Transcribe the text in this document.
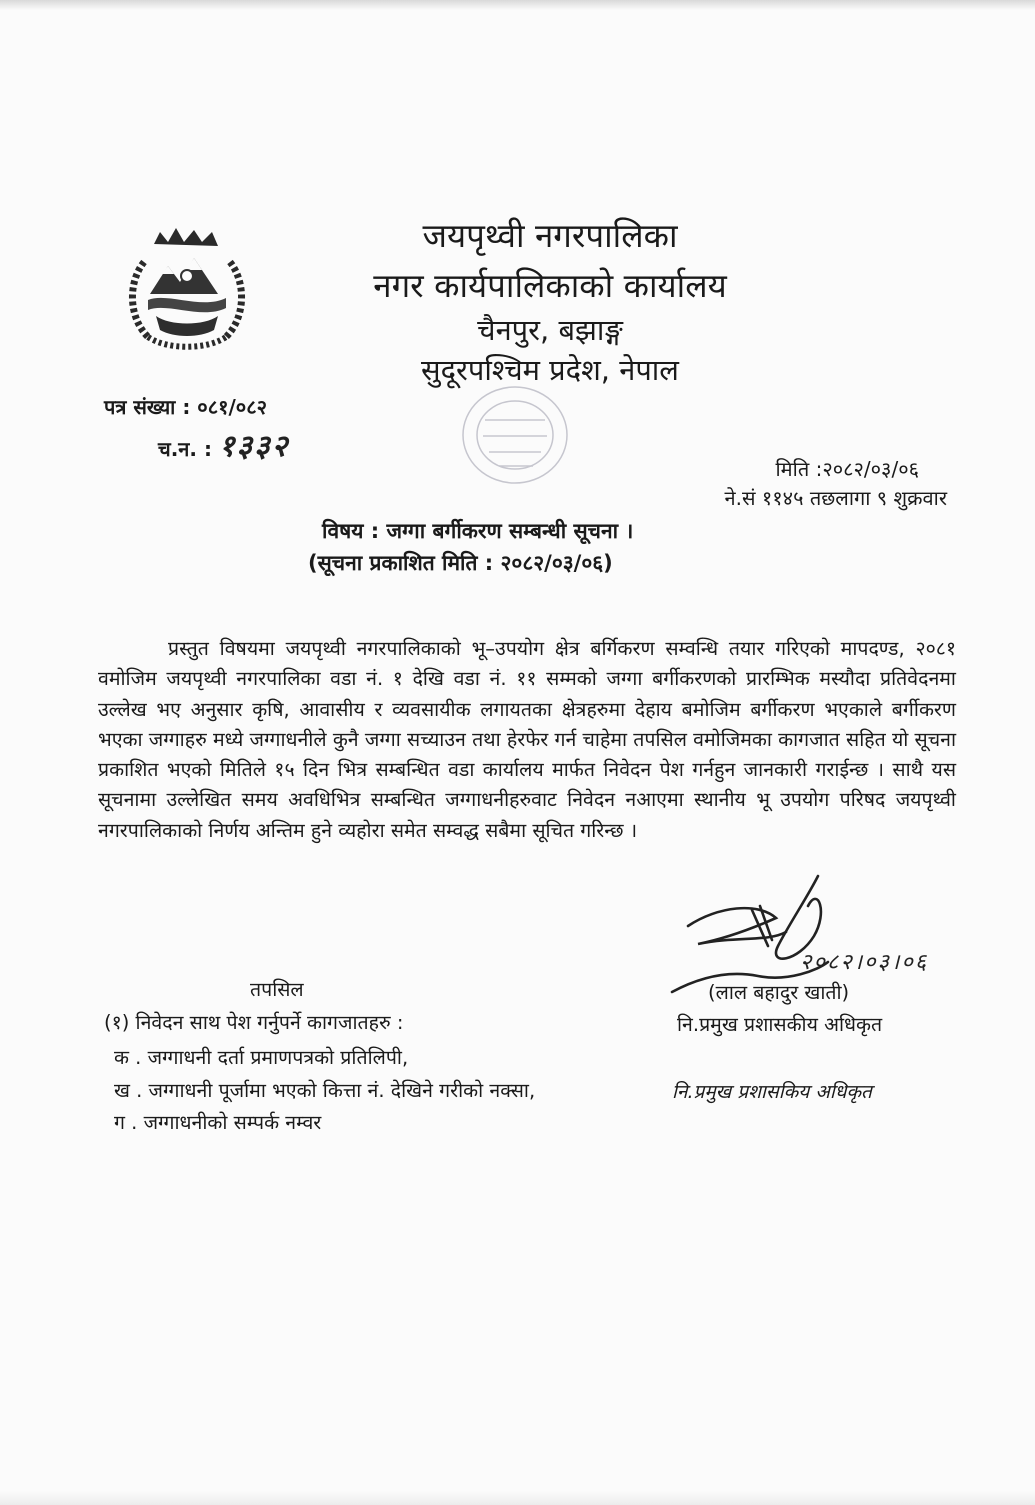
जयपृथ्वी नगरपालिका
नगर कार्यपालिकाको कार्यालय
चैनपुर, बझाङ्ग
सुदूरपश्चिम प्रदेश, नेपाल
पत्र संख्या : ०८१/०८२
च.न. : १३३२
मिति :२०८२/०३/०६
ने.सं ११४५ तछलागा ९ शुक्रवार
विषय : जग्गा बर्गीकरण सम्बन्धी सूचना ।
(सूचना प्रकाशित मिति : २०८२/०३/०६)

प्रस्तुत विषयमा जयपृथ्वी नगरपालिकाको भू–उपयोग क्षेत्र बर्गिकरण सम्वन्धि तयार गरिएको मापदण्ड, २०८१ वमोजिम जयपृथ्वी नगरपालिका वडा नं. १ देखि वडा नं. ११ सम्मको जग्गा बर्गीकरणको प्रारम्भिक मस्यौदा प्रतिवेदनमा उल्लेख भए अनुसार कृषि, आवासीय र व्यवसायीक लगायतका क्षेत्रहरुमा देहाय बमोजिम बर्गीकरण भएकाले बर्गीकरण भएका जग्गाहरु मध्ये जग्गाधनीले कुनै जग्गा सच्याउन तथा हेरफेर गर्न चाहेमा तपसिल वमोजिमका कागजात सहित यो सूचना प्रकाशित भएको मितिले १५ दिन भित्र सम्बन्धित वडा कार्यालय मार्फत निवेदन पेश गर्नहुन जानकारी गराईन्छ । साथै यस सूचनामा उल्लेखित समय अवधिभित्र सम्बन्धित जग्गाधनीहरुवाट निवेदन नआएमा स्थानीय भू उपयोग परिषद जयपृथ्वी नगरपालिकाको निर्णय अन्तिम हुने व्यहोरा समेत सम्वद्ध सबैमा सूचित गरिन्छ ।

२०८२।०३।०६
(लाल बहादुर खाती)
नि.प्रमुख प्रशासकीय अधिकृत
नि.प्रमुख प्रशासकिय अधिकृत
तपसिल
(१) निवेदन साथ पेश गर्नुपर्ने कागजातहरु :
क . जग्गाधनी दर्ता प्रमाणपत्रको प्रतिलिपी,
ख . जग्गाधनी पूर्जामा भएको कित्ता नं. देखिने गरीको नक्सा,
ग . जग्गाधनीको सम्पर्क नम्वर
